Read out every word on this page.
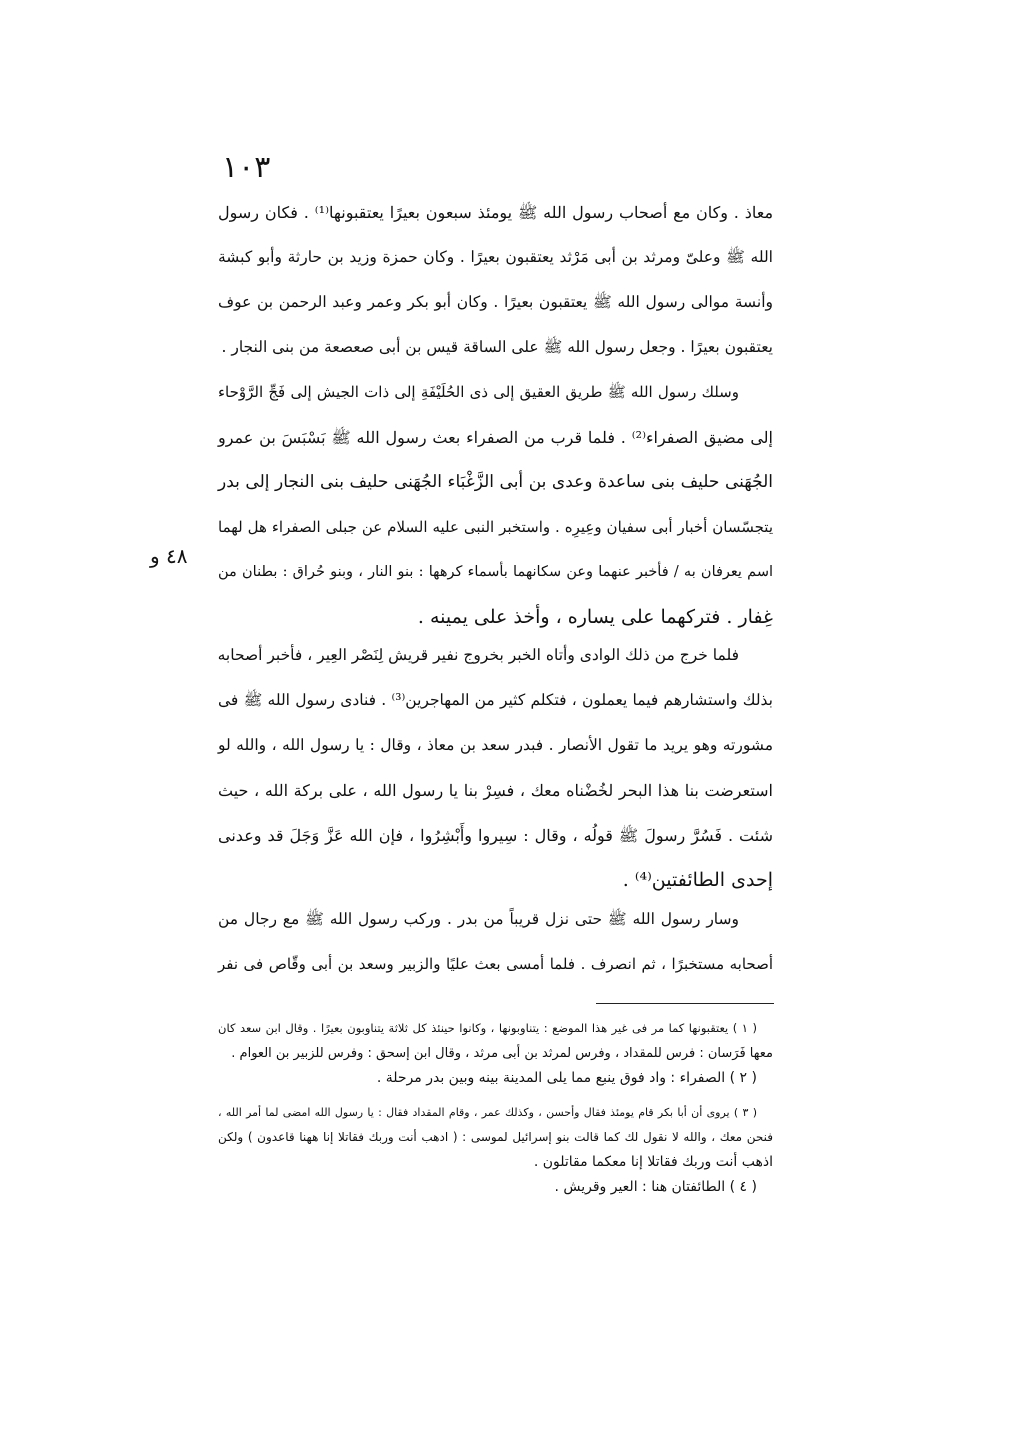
١٠٣
٤٨ و
معاذ . وكان مع أصحاب رسول الله ﷺ يومئذ سبعون بعيرًا يعتقبونها⁽¹⁾ . فكان رسول
الله ﷺ وعلىّ ومرثد بن أبى مَرْثد يعتقبون بعيرًا . وكان حمزة وزيد بن حارثة وأبو كبشة
وأنسة موالى رسول الله ﷺ يعتقبون بعيرًا . وكان أبو بكر وعمر وعبد الرحمن بن عوف
يعتقبون بعيرًا . وجعل رسول الله ﷺ على الساقة قيس بن أبى صعصعة من بنى النجار .
وسلك رسول الله ﷺ طريق العقيق إلى ذى الحُلَيْفَةِ إلى ذات الجيش إلى فَجِّ الرَّوْحاء
إلى مضيق الصفراء⁽²⁾ . فلما قرب من الصفراء بعث رسول الله ﷺ بَسْبَسَ بن عمرو
الجُهَنى حليف بنى ساعدة وعدى بن أبى الزَّغْبَاء الجُهَنى حليف بنى النجار إلى بدر
يتجسّسان أخبار أبى سفيان وعِيرِه . واستخبر النبى عليه السلام عن جبلى الصفراء هل لهما
اسم يعرفان به / فأخبر عنهما وعن سكانهما بأسماء كرهها : بنو النار ، وبنو حُراق : بطنان من
غِفار . فتركهما على يساره ، وأخذ على يمينه .
فلما خرج من ذلك الوادى وأتاه الخبر بخروج نفير قريش لِنَصْر العِير ، فأخبر أصحابه
بذلك واستشارهم فيما يعملون ، فتكلم كثير من المهاجرين⁽³⁾ . فنادى رسول الله ﷺ فى
مشورته وهو يريد ما تقول الأنصار . فبدر سعد بن معاذ ، وقال : يا رسول الله ، والله لو
استعرضت بنا هذا البحر لخُضْناه معك ، فسِرْ بنا يا رسول الله ، على بركة الله ، حيث
شئت . فَسُرَّ رسولَ ﷺ قولُه ، وقال : سِيروا وأَبْشِرُوا ، فإن الله عَزَّ وَجَلَ قد وعدنى
إحدى الطائفتين⁽⁴⁾ .
وسار رسول الله ﷺ حتى نزل قريباً من بدر . وركب رسول الله ﷺ مع رجال من
أصحابه مستخبرًا ، ثم انصرف . فلما أمسى بعث عليًا والزبير وسعد بن أبى وقّاص فى نفر
( ١ ) يعتقبونها كما مر فى غير هذا الموضع : يتناوبونها ، وكانوا حينئذ كل ثلاثة يتناوبون بعيرًا . وقال ابن سعد كان
معها فَرَسان : فرس للمقداد ، وفرس لمرثد بن أبى مرثد ، وقال ابن إسحق : وفرس للزبير بن العوام .
( ٢ ) الصفراء : واد فوق ينبع مما يلى المدينة بينه وبين بدر مرحلة .
( ٣ ) يروى أن أبا بكر قام يومئذ فقال وأحسن ، وكذلك عمر ، وقام المقداد فقال : يا رسول الله امضى لما أمر الله ،
فنحن معك ، والله لا نقول لك كما قالت بنو إسرائيل لموسى : ( ادهب أنت وربك فقاتلا إنا ههنا قاعدون ) ولكن
اذهب أنت وربك فقاتلا إنا معكما مقاتلون .
( ٤ ) الطائفتان هنا : العير وقريش .
